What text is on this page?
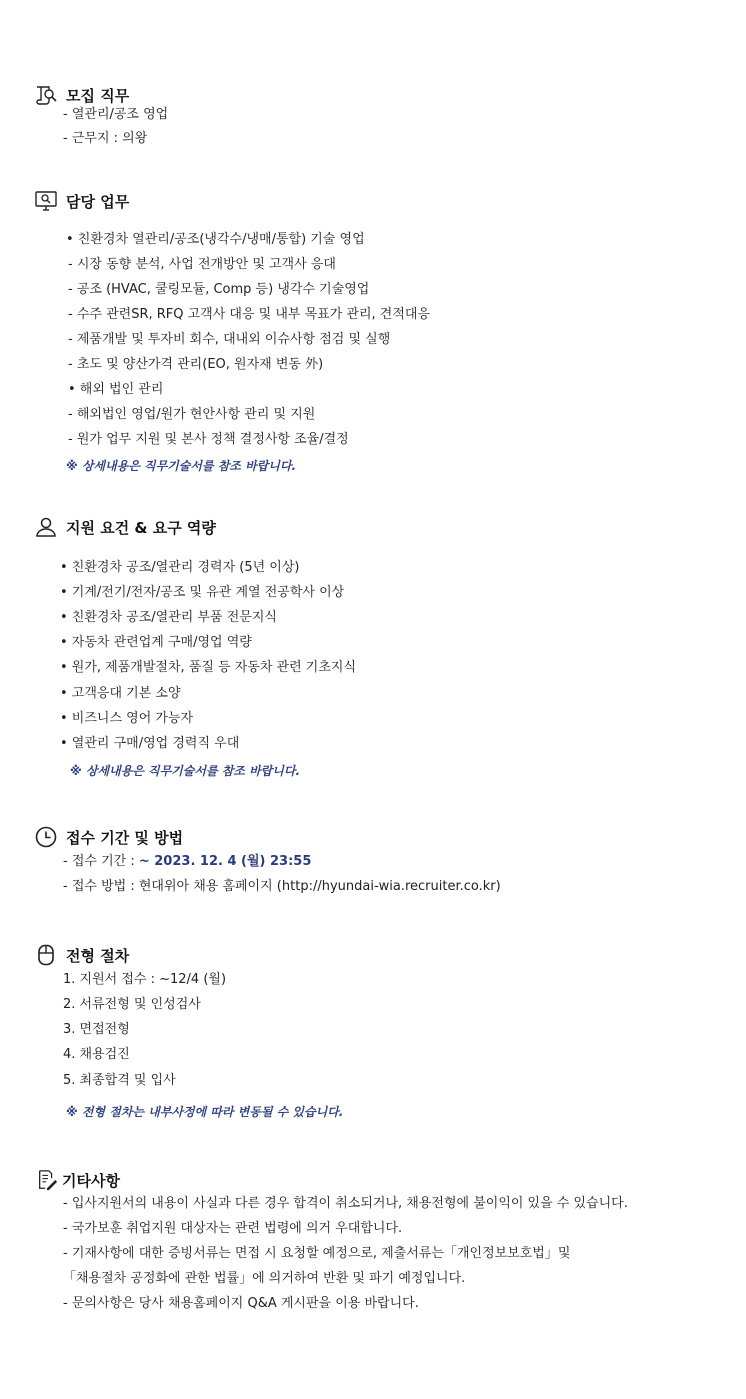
모집 직무
- 열관리/공조 영업
- 근무지 : 의왕
담당 업무
• 친환경차 열관리/공조(냉각수/냉매/통합) 기술 영업
- 시장 동향 분석, 사업 전개방안 및 고객사 응대
- 공조 (HVAC, 쿨링모듈, Comp 등) 냉각수 기술영업
- 수주 관련SR, RFQ 고객사 대응 및 내부 목표가 관리, 견적대응
- 제품개발 및 투자비 회수, 대내외 이슈사항 점검 및 실행
- 초도 및 양산가격 관리(EO, 원자재 변동 外)
• 해외 법인 관리
- 해외법인 영업/원가 현안사항 관리 및 지원
- 원가 업무 지원 및 본사 정책 결정사항 조율/결정
※ 상세내용은 직무기술서를 참조 바랍니다.
지원 요건 & 요구 역량
• 친환경차 공조/열관리 경력자 (5년 이상)
• 기계/전기/전자/공조 및 유관 계열 전공학사 이상
• 친환경차 공조/열관리 부품 전문지식
• 자동차 관련업계 구매/영업 역량
• 원가, 제품개발절차, 품질 등 자동차 관련 기초지식
• 고객응대 기본 소양
• 비즈니스 영어 가능자
• 열관리 구매/영업 경력직 우대
※ 상세내용은 직무기술서를 참조 바랍니다.
접수 기간 및 방법
- 접수 기간 : ~ 2023. 12. 4 (월) 23:55
- 접수 방법 : 현대위아 채용 홈페이지 (http://hyundai-wia.recruiter.co.kr)
전형 절차
1. 지원서 접수 : ~12/4 (월)
2. 서류전형 및 인성검사
3. 면접전형
4. 채용검진
5. 최종합격 및 입사
※ 전형 절차는 내부사정에 따라 변동될 수 있습니다.
기타사항
- 입사지원서의 내용이 사실과 다른 경우 합격이 취소되거나, 채용전형에 불이익이 있을 수 있습니다.
- 국가보훈 취업지원 대상자는 관련 법령에 의거 우대합니다.
- 기재사항에 대한 증빙서류는 면접 시 요청할 예정으로, 제출서류는「개인정보보호법」및
「채용절차 공정화에 관한 법률」에 의거하여 반환 및 파기 예정입니다.
- 문의사항은 당사 채용홈페이지 Q&A 게시판을 이용 바랍니다.
